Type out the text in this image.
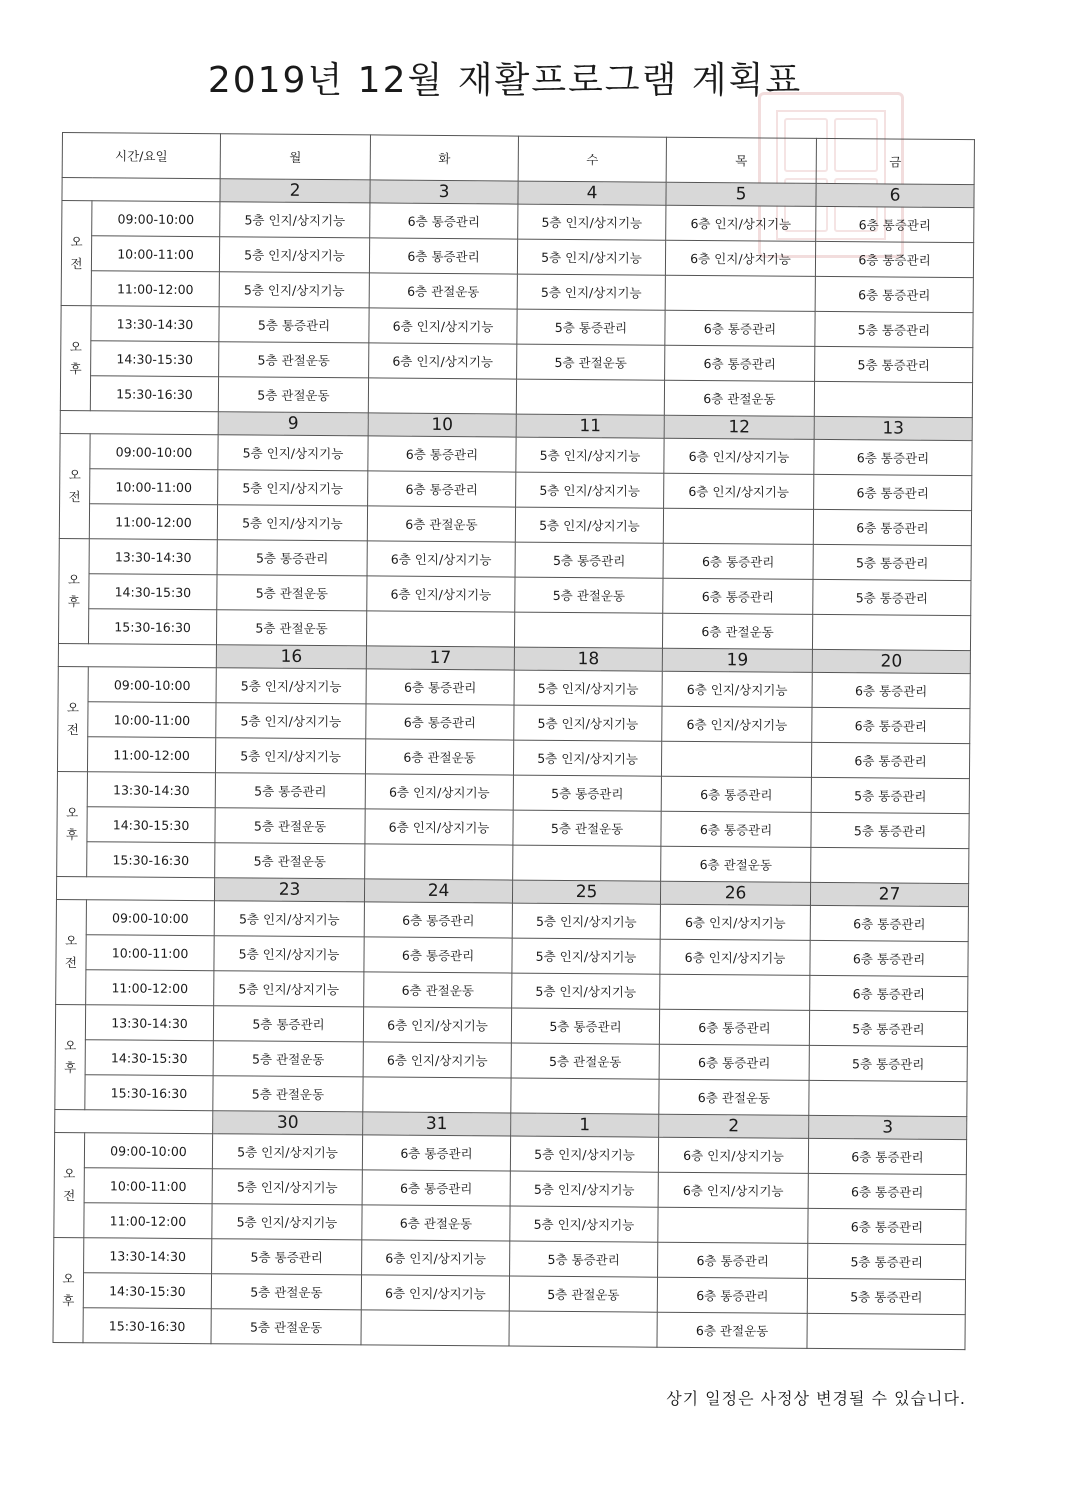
2019년 12월 재활프로그램 계획표
시간/요일		월	화	수	목	금
		2	3	4	5	6
오
전	09:00-10:00	5층 인지/상지기능	6층 통증관리	5층 인지/상지기능	6층 인지/상지기능	6층 통증관리
	10:00-11:00	5층 인지/상지기능	6층 통증관리	5층 인지/상지기능	6층 인지/상지기능	6층 통증관리
	11:00-12:00	5층 인지/상지기능	6층 관절운동	5층 인지/상지기능		6층 통증관리
오
후	13:30-14:30	5층 통증관리	6층 인지/상지기능	5층 통증관리	6층 통증관리	5층 통증관리
	14:30-15:30	5층 관절운동	6층 인지/상지기능	5층 관절운동	6층 통증관리	5층 통증관리
	15:30-16:30	5층 관절운동			6층 관절운동	
		9	10	11	12	13
오
전	09:00-10:00	5층 인지/상지기능	6층 통증관리	5층 인지/상지기능	6층 인지/상지기능	6층 통증관리
	10:00-11:00	5층 인지/상지기능	6층 통증관리	5층 인지/상지기능	6층 인지/상지기능	6층 통증관리
	11:00-12:00	5층 인지/상지기능	6층 관절운동	5층 인지/상지기능		6층 통증관리
오
후	13:30-14:30	5층 통증관리	6층 인지/상지기능	5층 통증관리	6층 통증관리	5층 통증관리
	14:30-15:30	5층 관절운동	6층 인지/상지기능	5층 관절운동	6층 통증관리	5층 통증관리
	15:30-16:30	5층 관절운동			6층 관절운동	
		16	17	18	19	20
오
전	09:00-10:00	5층 인지/상지기능	6층 통증관리	5층 인지/상지기능	6층 인지/상지기능	6층 통증관리
	10:00-11:00	5층 인지/상지기능	6층 통증관리	5층 인지/상지기능	6층 인지/상지기능	6층 통증관리
	11:00-12:00	5층 인지/상지기능	6층 관절운동	5층 인지/상지기능		6층 통증관리
오
후	13:30-14:30	5층 통증관리	6층 인지/상지기능	5층 통증관리	6층 통증관리	5층 통증관리
	14:30-15:30	5층 관절운동	6층 인지/상지기능	5층 관절운동	6층 통증관리	5층 통증관리
	15:30-16:30	5층 관절운동			6층 관절운동	
		23	24	25	26	27
오
전	09:00-10:00	5층 인지/상지기능	6층 통증관리	5층 인지/상지기능	6층 인지/상지기능	6층 통증관리
	10:00-11:00	5층 인지/상지기능	6층 통증관리	5층 인지/상지기능	6층 인지/상지기능	6층 통증관리
	11:00-12:00	5층 인지/상지기능	6층 관절운동	5층 인지/상지기능		6층 통증관리
오
후	13:30-14:30	5층 통증관리	6층 인지/상지기능	5층 통증관리	6층 통증관리	5층 통증관리
	14:30-15:30	5층 관절운동	6층 인지/상지기능	5층 관절운동	6층 통증관리	5층 통증관리
	15:30-16:30	5층 관절운동			6층 관절운동	
		30	31	1	2	3
오
전	09:00-10:00	5층 인지/상지기능	6층 통증관리	5층 인지/상지기능	6층 인지/상지기능	6층 통증관리
	10:00-11:00	5층 인지/상지기능	6층 통증관리	5층 인지/상지기능	6층 인지/상지기능	6층 통증관리
	11:00-12:00	5층 인지/상지기능	6층 관절운동	5층 인지/상지기능		6층 통증관리
오
후	13:30-14:30	5층 통증관리	6층 인지/상지기능	5층 통증관리	6층 통증관리	5층 통증관리
	14:30-15:30	5층 관절운동	6층 인지/상지기능	5층 관절운동	6층 통증관리	5층 통증관리
	15:30-16:30	5층 관절운동			6층 관절운동	
상기 일정은 사정상 변경될 수 있습니다.
